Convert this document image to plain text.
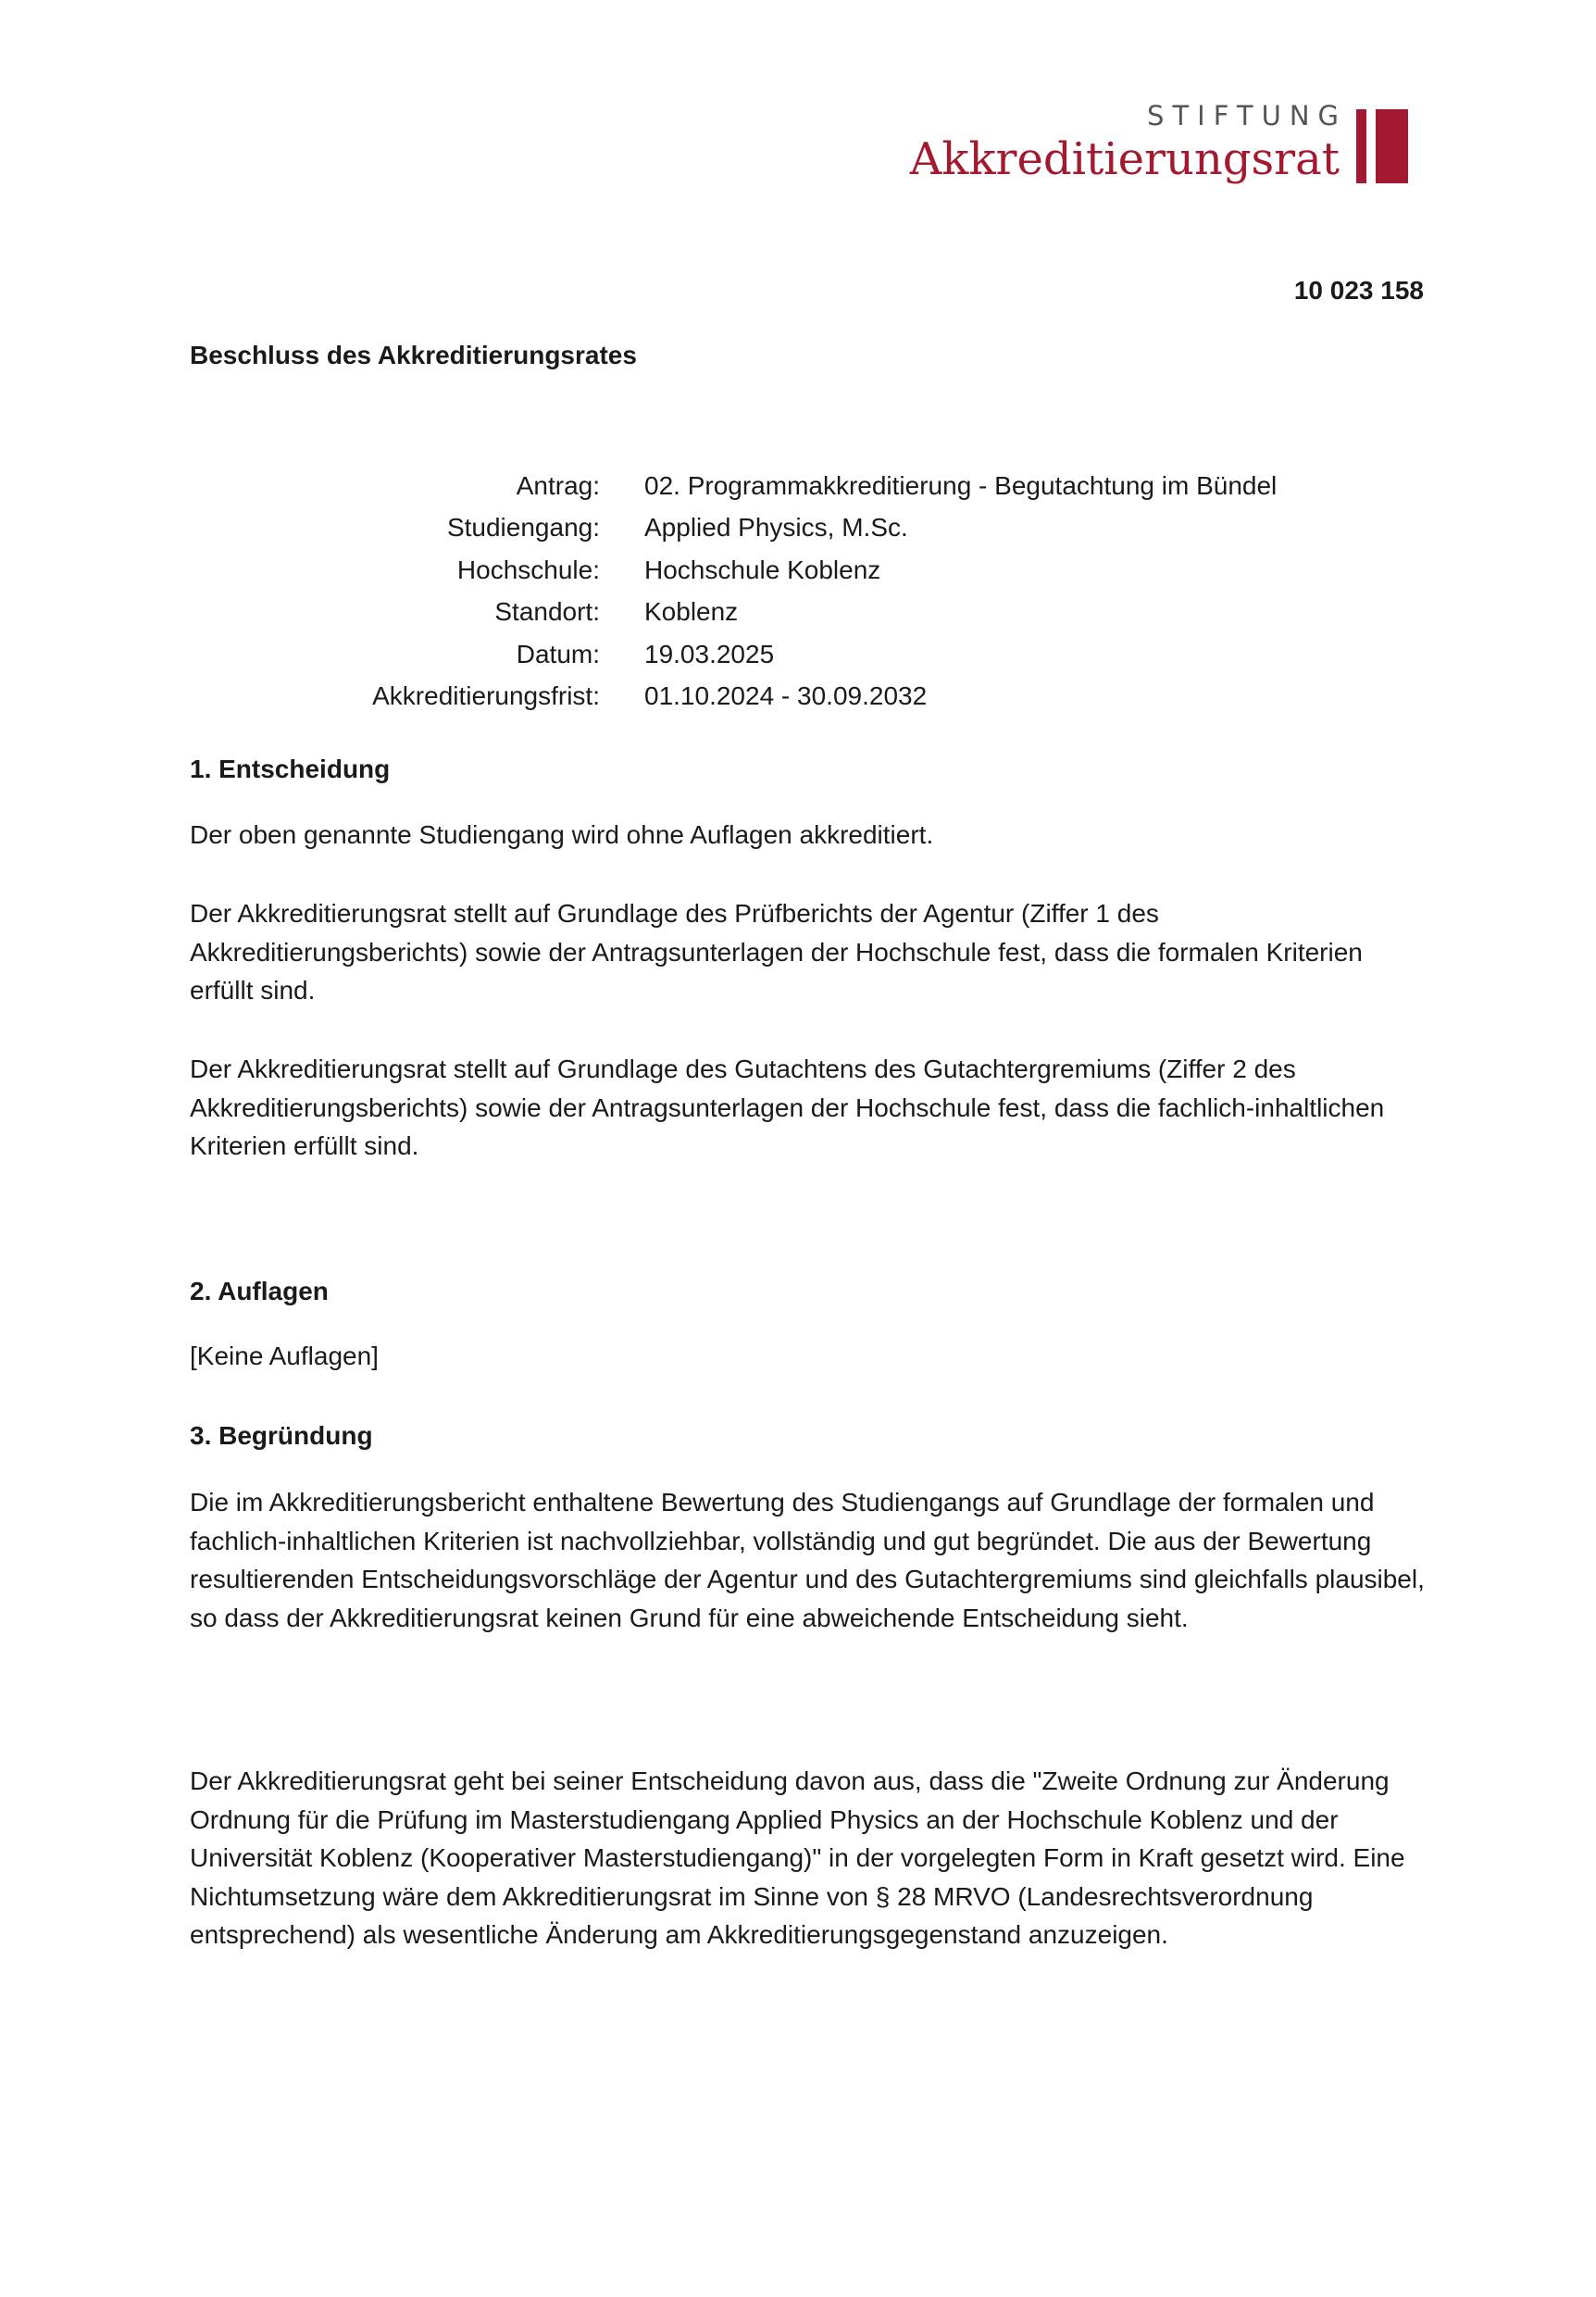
STIFTUNG
Akkreditierungsrat
10 023 158
Beschluss des Akkreditierungsrates
Antrag: 02. Programmakkreditierung - Begutachtung im Bündel
Studiengang: Applied Physics, M.Sc.
Hochschule: Hochschule Koblenz
Standort: Koblenz
Datum: 19.03.2025
Akkreditierungsfrist: 01.10.2024 - 30.09.2032
1. Entscheidung
Der oben genannte Studiengang wird ohne Auflagen akkreditiert.
Der Akkreditierungsrat stellt auf Grundlage des Prüfberichts der Agentur (Ziffer 1 des Akkreditierungsberichts) sowie der Antragsunterlagen der Hochschule fest, dass die formalen Kriterien erfüllt sind.
Der Akkreditierungsrat stellt auf Grundlage des Gutachtens des Gutachtergremiums (Ziffer 2 des Akkreditierungsberichts) sowie der Antragsunterlagen der Hochschule fest, dass die fachlich-inhaltlichen Kriterien erfüllt sind.
2. Auflagen
[Keine Auflagen]
3. Begründung
Die im Akkreditierungsbericht enthaltene Bewertung des Studiengangs auf Grundlage der formalen und fachlich-inhaltlichen Kriterien ist nachvollziehbar, vollständig und gut begründet. Die aus der Bewertung resultierenden Entscheidungsvorschläge der Agentur und des Gutachtergremiums sind gleichfalls plausibel, so dass der Akkreditierungsrat keinen Grund für eine abweichende Entscheidung sieht.
Der Akkreditierungsrat geht bei seiner Entscheidung davon aus, dass die "Zweite Ordnung zur Änderung Ordnung für die Prüfung im Masterstudiengang Applied Physics an der Hochschule Koblenz und der Universität Koblenz (Kooperativer Masterstudiengang)" in der vorgelegten Form in Kraft gesetzt wird. Eine Nichtumsetzung wäre dem Akkreditierungsrat im Sinne von § 28 MRVO (Landesrechtsverordnung entsprechend) als wesentliche Änderung am Akkreditierungsgegenstand anzuzeigen.
